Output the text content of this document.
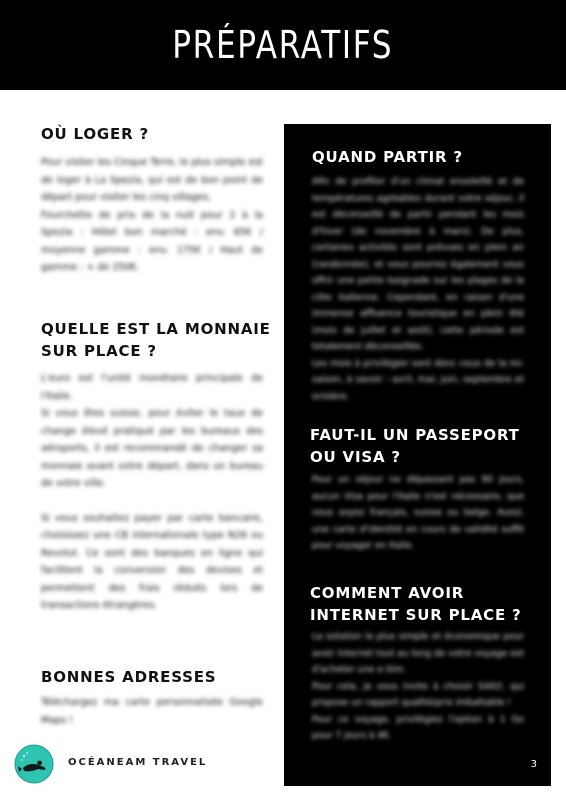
PRÉPARATIFS
OÙ LOGER ?

Pour visiter les Cinque Terre, le plus simple est de loger à La Spezia, qui est de bon point de départ pour visiter les cinq villages.

Fourchette de prix de la nuit pour 2 à la Spezia : Hôtel bon marché : env. 65€ / moyenne gamme : env. 175€ / Haut de gamme : + de 250€.

QUELLE EST LA MONNAIE SUR PLACE ?

L'euro est l'unité monétaire principale de l'Italie.

Si vous êtes suisse, pour éviter le taux de change élevé pratiqué par les bureaux des aéroports, il est recommandé de changer sa monnaie avant votre départ, dans un bureau de votre ville.

Si vous souhaitez payer par carte bancaire, choisissez une CB internationale type N26 ou Revolut. Ce sont des banques en ligne qui facilitent la conversion des devises et permettent des frais réduits lors de transactions étrangères.

BONNES ADRESSES

Téléchargez ma carte personnalisée Google Maps !

QUAND PARTIR ?

Afin de profiter d'un climat ensoleillé et de températures agréables durant votre séjour, il est déconseillé de partir pendant les mois d'hiver (de novembre à mars). De plus, certaines activités sont prévues en plein air (randonnée), et vous pourrez également vous offrir une petite baignade sur les plages de la côte italienne. Cependant, en raison d'une immense affluence touristique en plein été (mois de juillet et août), cette période est totalement déconseillée.

Les mois à privilégier sont donc ceux de la mi-saison, à savoir : avril, mai, juin, septembre et octobre.

FAUT-IL UN PASSEPORT OU VISA ?

Pour un séjour ne dépassant pas 90 jours, aucun Visa pour l'Italie n'est nécessaire, que vous soyez français, suisse ou belge. Aussi, une carte d'identité en cours de validité suffit pour voyager en Italie.

COMMENT AVOIR INTERNET SUR PLACE ?

La solution la plus simple et économique pour avoir internet tout au long de votre voyage est d'acheter une e-Sim.

Pour cela, je vous invite à choisir SAILY, qui propose un rapport qualité/prix imbattable !

Pour ce voyage, privilégiez l'option à 1 Go pour 7 jours à 4€.

3
OCÉANEAM TRAVEL
